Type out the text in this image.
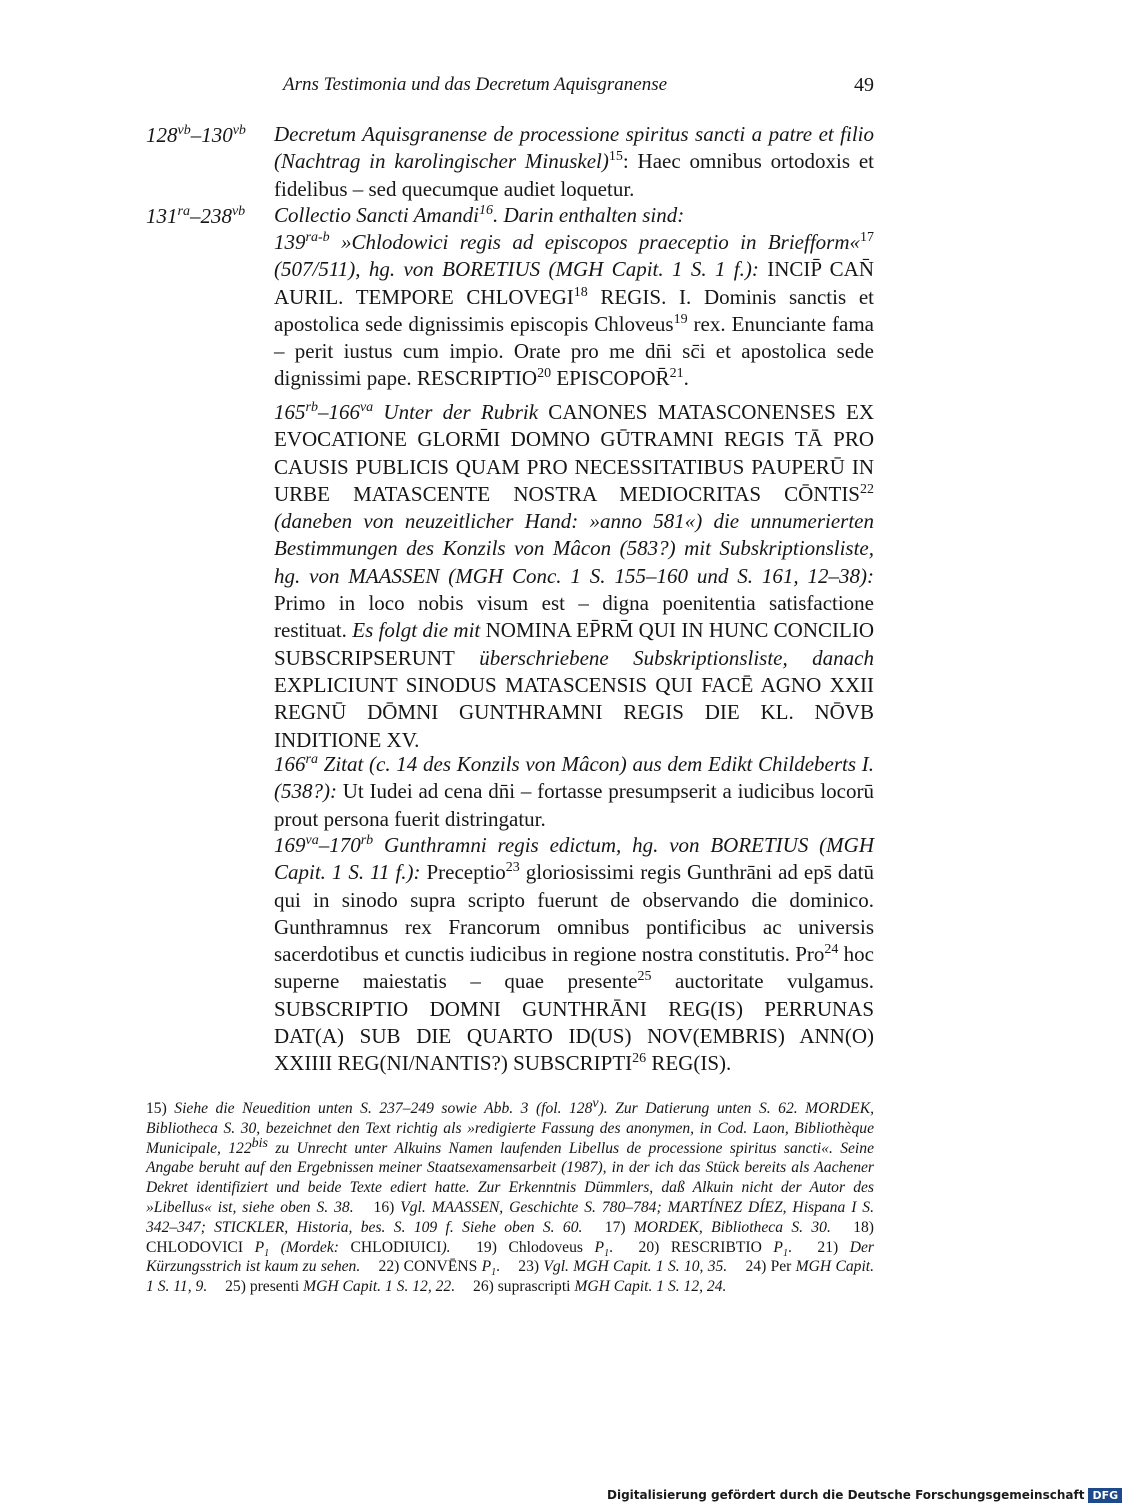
Arns Testimonia und das Decretum Aquisgranense	49
$128^{vb}-130^{vb}$	Decretum Aquisgranense de processione spiritus sancti a patre et filio (Nachtrag in karolingischer Minuskel)$^{15}$: Haec omnibus ortodoxis et fidelibus – sed quecumque audiet loquetur.
$131^{ra}-238^{vb}$	Collectio Sancti Amandi$^{16}$. Darin enthalten sind:
$139^{ra-b}$ »Chlodowici regis ad episcopos praeceptio in Briefform«$^{17}$ (507/511), hg. von BORETIUS (MGH Capit. 1 S. 1 f.): INCIP̄ CAN̄ AURIL. TEMPORE CHLOVEGI$^{18}$ REGIS. I. Dominis sanctis et apostolica sede dignissimis episcopis Chloveus$^{19}$ rex. Enunciante fama – perit iustus cum impio. Orate pro me dn̄i sc̄i et apostolica sede dignissimi pape. RESCRIPTIO$^{20}$ EPISCOPOR̄$^{21}$.
$165^{rb}-166^{va}$ Unter der Rubrik CANONES MATASCONENSES EX EVOCATIONE GLORM̄I DOMNO GŪTRAMNI REGIS TĀ PRO CAUSIS PUBLICIS QUAM PRO NECESSITATIBUS PAUPERŪ IN URBE MATASCENTE NOSTRA MEDIOCRITAS CŌNTIS$^{22}$ (daneben von neuzeitlicher Hand: »anno 581«) die unnumerierten Bestimmungen des Konzils von Mâcon (583?) mit Subskriptionsliste, hg. von MAASSEN (MGH Conc. 1 S. 155–160 und S. 161, 12–38): Primo in loco nobis visum est – digna poenitentia satisfactione restituat. Es folgt die mit NOMINA EP̄RM̄ QUI IN HUNC CONCILIO SUBSCRIPSERUNT überschriebene Subskriptionsliste, danach EXPLICIUNT SINODUS MATASCENSIS QUI FACĒ AGNO XXII REGNŪ DŌMNI GUNTHRAMNI REGIS DIE KL. NŌVB INDITIONE XV.
$166^{ra}$ Zitat (c. 14 des Konzils von Mâcon) aus dem Edikt Childeberts I. (538?): Ut Iudei ad cena dn̄i – fortasse presumpserit a iudicibus locorū prout persona fuerit distringatur.
$169^{va}-170^{rb}$ Gunthramni regis edictum, hg. von BORETIUS (MGH Capit. 1 S. 11 f.): Preceptio$^{23}$ gloriosissimi regis Gunthrāni ad eps̄ datū qui in sinodo supra scripto fuerunt de observando die dominico. Gunthramnus rex Francorum omnibus pontificibus ac universis sacerdotibus et cunctis iudicibus in regione nostra constitutis. Pro$^{24}$ hoc superne maiestatis – quae presente$^{25}$ auctoritate vulgamus. SUBSCRIPTIO DOMNI GUNTHRĀNI REG(IS) PERRUNAS DAT(A) SUB DIE QUARTO ID(US) NOV(EMBRIS) ANN(O) XXIIII REG(NI/NANTIS?) SUBSCRIPTI$^{26}$ REG(IS).
15) Siehe die Neuedition unten S. 237–249 sowie Abb. 3 (fol. 128v). Zur Datierung unten S. 62. MORDEK, Bibliotheca S. 30, bezeichnet den Text richtig als »redigierte Fassung des anonymen, in Cod. Laon, Bibliothèque Municipale, 122bis zu Unrecht unter Alkuins Namen laufenden Libellus de processione spiritus sancti«. Seine Angabe beruht auf den Ergebnissen meiner Staatsexamensarbeit (1987), in der ich das Stück bereits als Aachener Dekret identifiziert und beide Texte ediert hatte. Zur Erkenntnis Dümmlers, daß Alkuin nicht der Autor des »Libellus« ist, siehe oben S. 38. 16) Vgl. MAASSEN, Geschichte S. 780–784; MARTÍNEZ DÍEZ, Hispana I S. 342–347; STICKLER, Historia, bes. S. 109 f. Siehe oben S. 60. 17) MORDEK, Bibliotheca S. 30. 18) CHLODOVICI $P_1$ (Mordek: CHLODIUICI). 19) Chlodoveus $P_1$. 20) RESCRIBTIO $P_1$. 21) Der Kürzungsstrich ist kaum zu sehen. 22) CONVĒNS $P_1$. 23) Vgl. MGH Capit. 1 S. 10, 35. 24) Per MGH Capit. 1 S. 11, 9. 25) presenti MGH Capit. 1 S. 12, 22. 26) suprascripti MGH Capit. 1 S. 12, 24.
Digitalisierung gefördert durch die Deutsche Forschungsgemeinschaft DFG
